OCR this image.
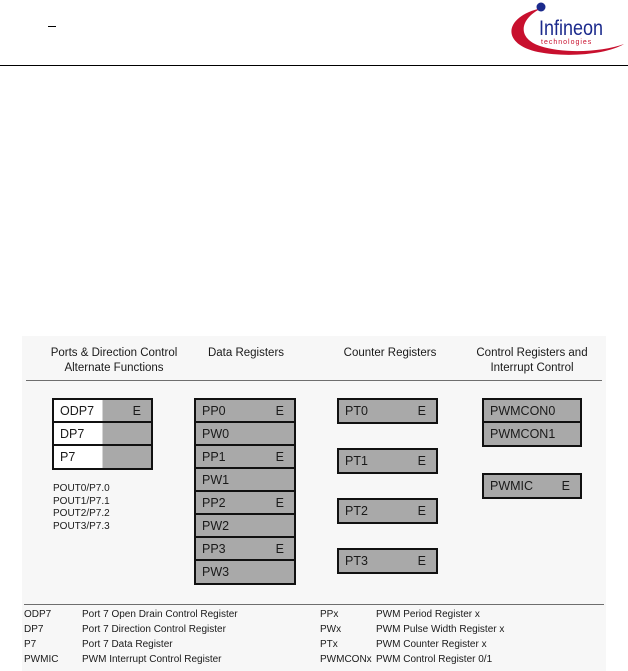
Infineon
technologies
Ports & Direction Control
Alternate Functions
Data Registers	Counter Registers	Control Registers and
Interrupt Control
ODP7	E
DP7
P7
POUT0/P7.0
POUT1/P7.1
POUT2/P7.2
POUT3/P7.3
PP0	E
PW0
PP1	E
PW1
PP2	E
PW2
PP3	E
PW3
PT0	E
PT1	E
PT2	E
PT3	E
PWMCON0
PWMCON1
PWMIC E
ODP7	Port 7 Open Drain Control Register
DP7	Port 7 Direction Control Register
P7	Port 7 Data Register
PWMIC	PWM Interrupt Control Register
PPx	PWM Period Register x
PWx	PWM Pulse Width Register x
PTx	PWM Counter Register x
PWMCONx PWM Control Register 0/1
